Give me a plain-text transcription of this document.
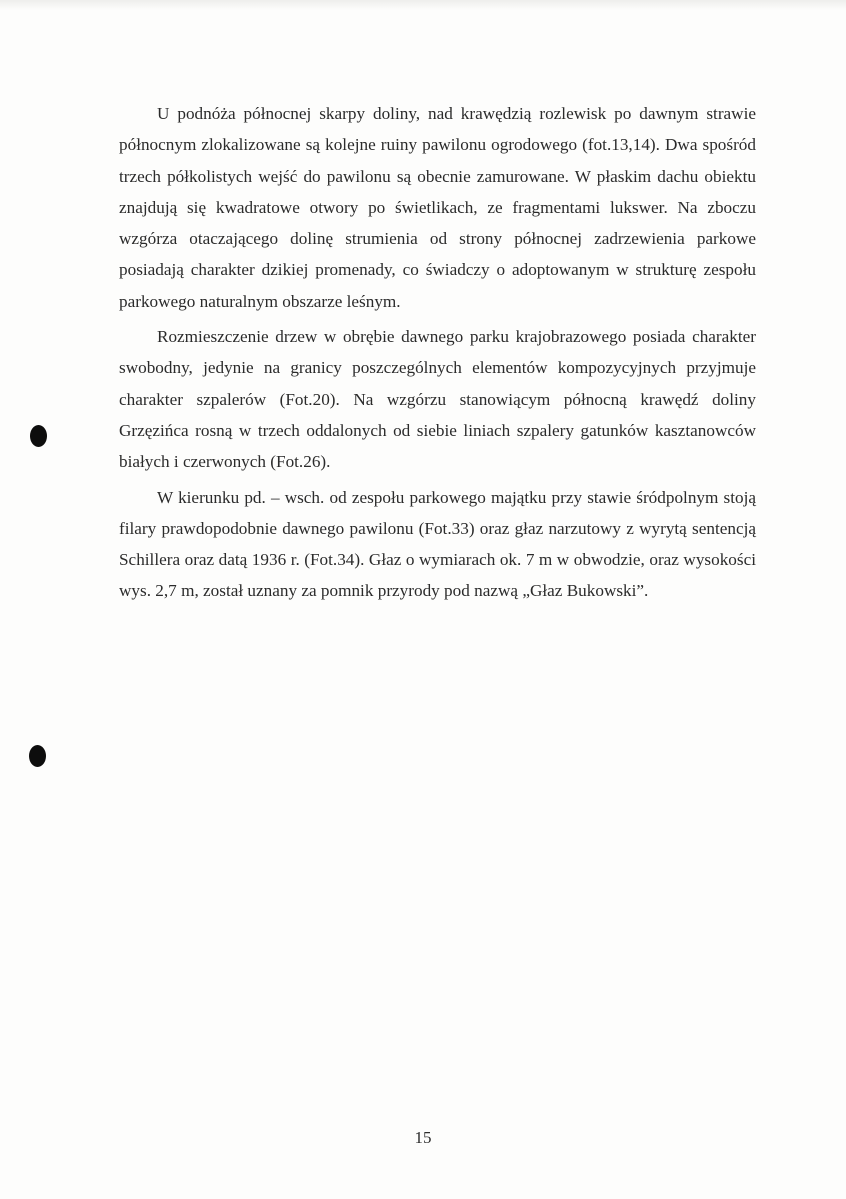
U podnóża północnej skarpy doliny, nad krawędzią rozlewisk po dawnym strawie północnym zlokalizowane są kolejne ruiny pawilonu ogrodowego (fot.13,14). Dwa spośród trzech półkolistych wejść do pawilonu są obecnie zamurowane. W płaskim dachu obiektu znajdują się kwadratowe otwory po świetlikach, ze fragmentami lukswer. Na zboczu wzgórza otaczającego dolinę strumienia od strony północnej zadrzewienia parkowe posiadają charakter dzikiej promenady, co świadczy o adoptowanym w strukturę zespołu parkowego naturalnym obszarze leśnym.

Rozmieszczenie drzew w obrębie dawnego parku krajobrazowego posiada charakter swobodny, jedynie na granicy poszczególnych elementów kompozycyjnych przyjmuje charakter szpalerów (Fot.20). Na wzgórzu stanowiącym północną krawędź doliny Grzęzińca rosną w trzech oddalonych od siebie liniach szpalery gatunków kasztanowców białych i czerwonych (Fot.26).

W kierunku pd. – wsch. od zespołu parkowego majątku przy stawie śródpolnym stoją filary prawdopodobnie dawnego pawilonu (Fot.33) oraz głaz narzutowy z wyrytą sentencją Schillera oraz datą 1936 r. (Fot.34). Głaz o wymiarach ok. 7 m w obwodzie, oraz wysokości wys. 2,7 m, został uznany za pomnik przyrody pod nazwą „Głaz Bukowski”.

15
